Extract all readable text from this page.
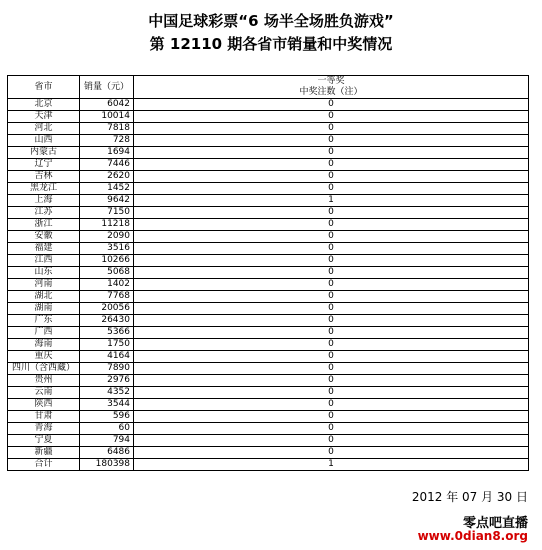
中国足球彩票“6 场半全场胜负游戏”
第 12110 期各省市销量和中奖情况
省市	销量（元）	一等奖
中奖注数（注）

北京	6042	0
天津	10014	0
河北	7818	0
山西	728	0
内蒙古	1694	0
辽宁	7446	0
吉林	2620	0
黑龙江	1452	0
上海	9642	1
江苏	7150	0
浙江	11218	0
安徽	2090	0
福建	3516	0
江西	10266	0
山东	5068	0
河南	1402	0
湖北	7768	0
湖南	20056	0
广东	26430	0
广西	5366	0
海南	1750	0
重庆	4164	0
四川（含西藏）	7890	0
贵州	2976	0
云南	4352	0
陕西	3544	0
甘肃	596	0
青海	60	0
宁夏	794	0
新疆	6486	0
合计	180398	1
2012 年 07 月 30 日
零点吧直播
www.0dian8.org
